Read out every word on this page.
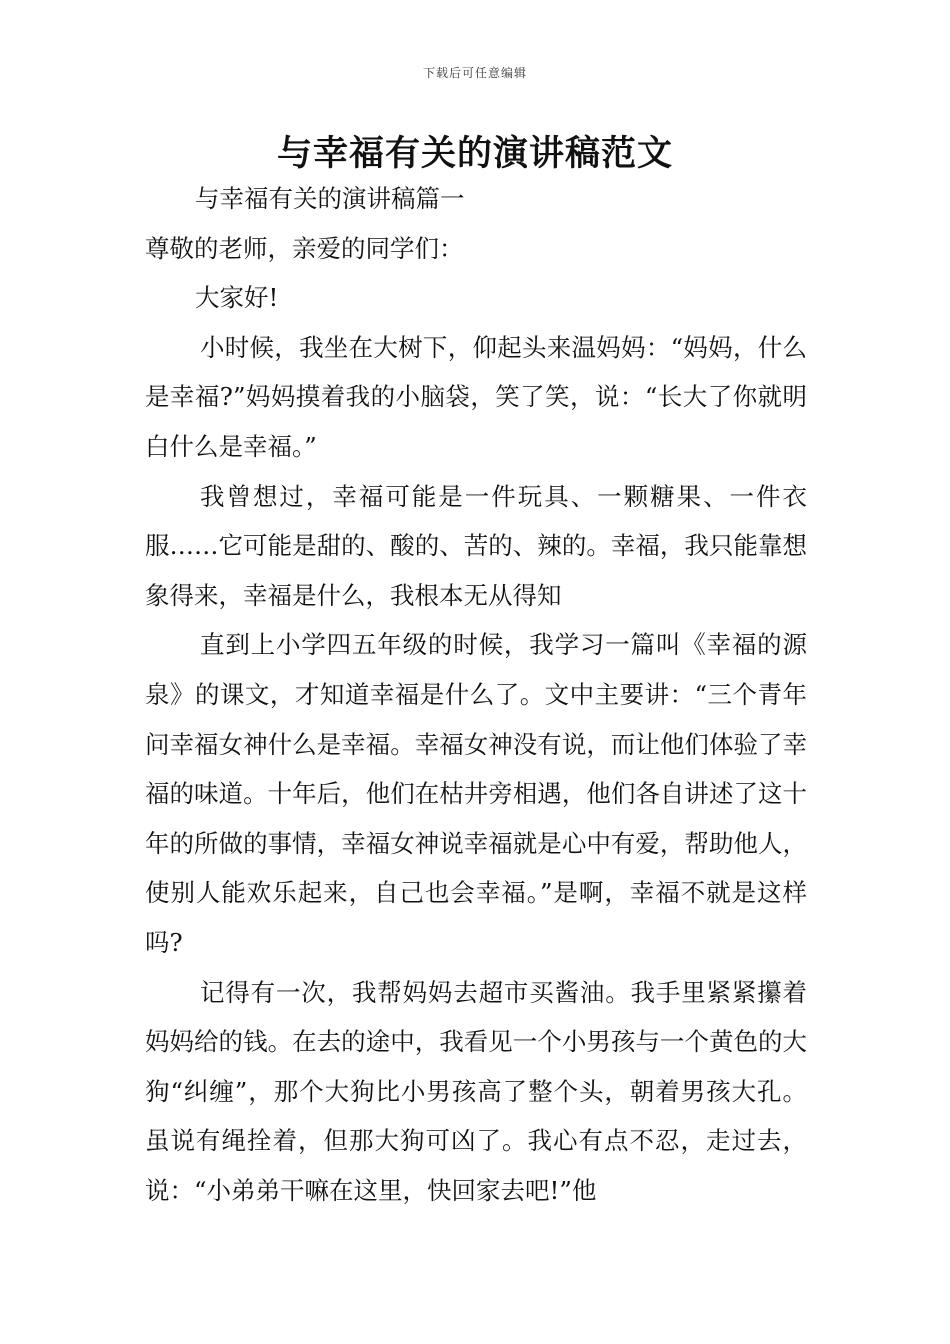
下载后可任意编辑
与幸福有关的演讲稿范文

与幸福有关的演讲稿篇一

尊敬的老师，亲爱的同学们：

大家好!

小时候，我坐在大树下，仰起头来温妈妈：“妈妈，什么是幸福?”妈妈摸着我的小脑袋，笑了笑，说：“长大了你就明白什么是幸福。”

我曾想过，幸福可能是一件玩具、一颗糖果、一件衣服……它可能是甜的、酸的、苦的、辣的。幸福，我只能靠想象得来，幸福是什么，我根本无从得知

直到上小学四五年级的时候，我学习一篇叫《幸福的源泉》的课文，才知道幸福是什么了。文中主要讲：“三个青年问幸福女神什么是幸福。幸福女神没有说，而让他们体验了幸福的味道。十年后，他们在枯井旁相遇，他们各自讲述了这十年的所做的事情，幸福女神说幸福就是心中有爱，帮助他人，使别人能欢乐起来，自己也会幸福。”是啊，幸福不就是这样吗?

记得有一次，我帮妈妈去超市买酱油。我手里紧紧攥着妈妈给的钱。在去的途中，我看见一个小男孩与一个黄色的大狗“纠缠”，那个大狗比小男孩高了整个头，朝着男孩大孔。虽说有绳拴着，但那大狗可凶了。我心有点不忍，走过去，说：“小弟弟干嘛在这里，快回家去吧!”他
